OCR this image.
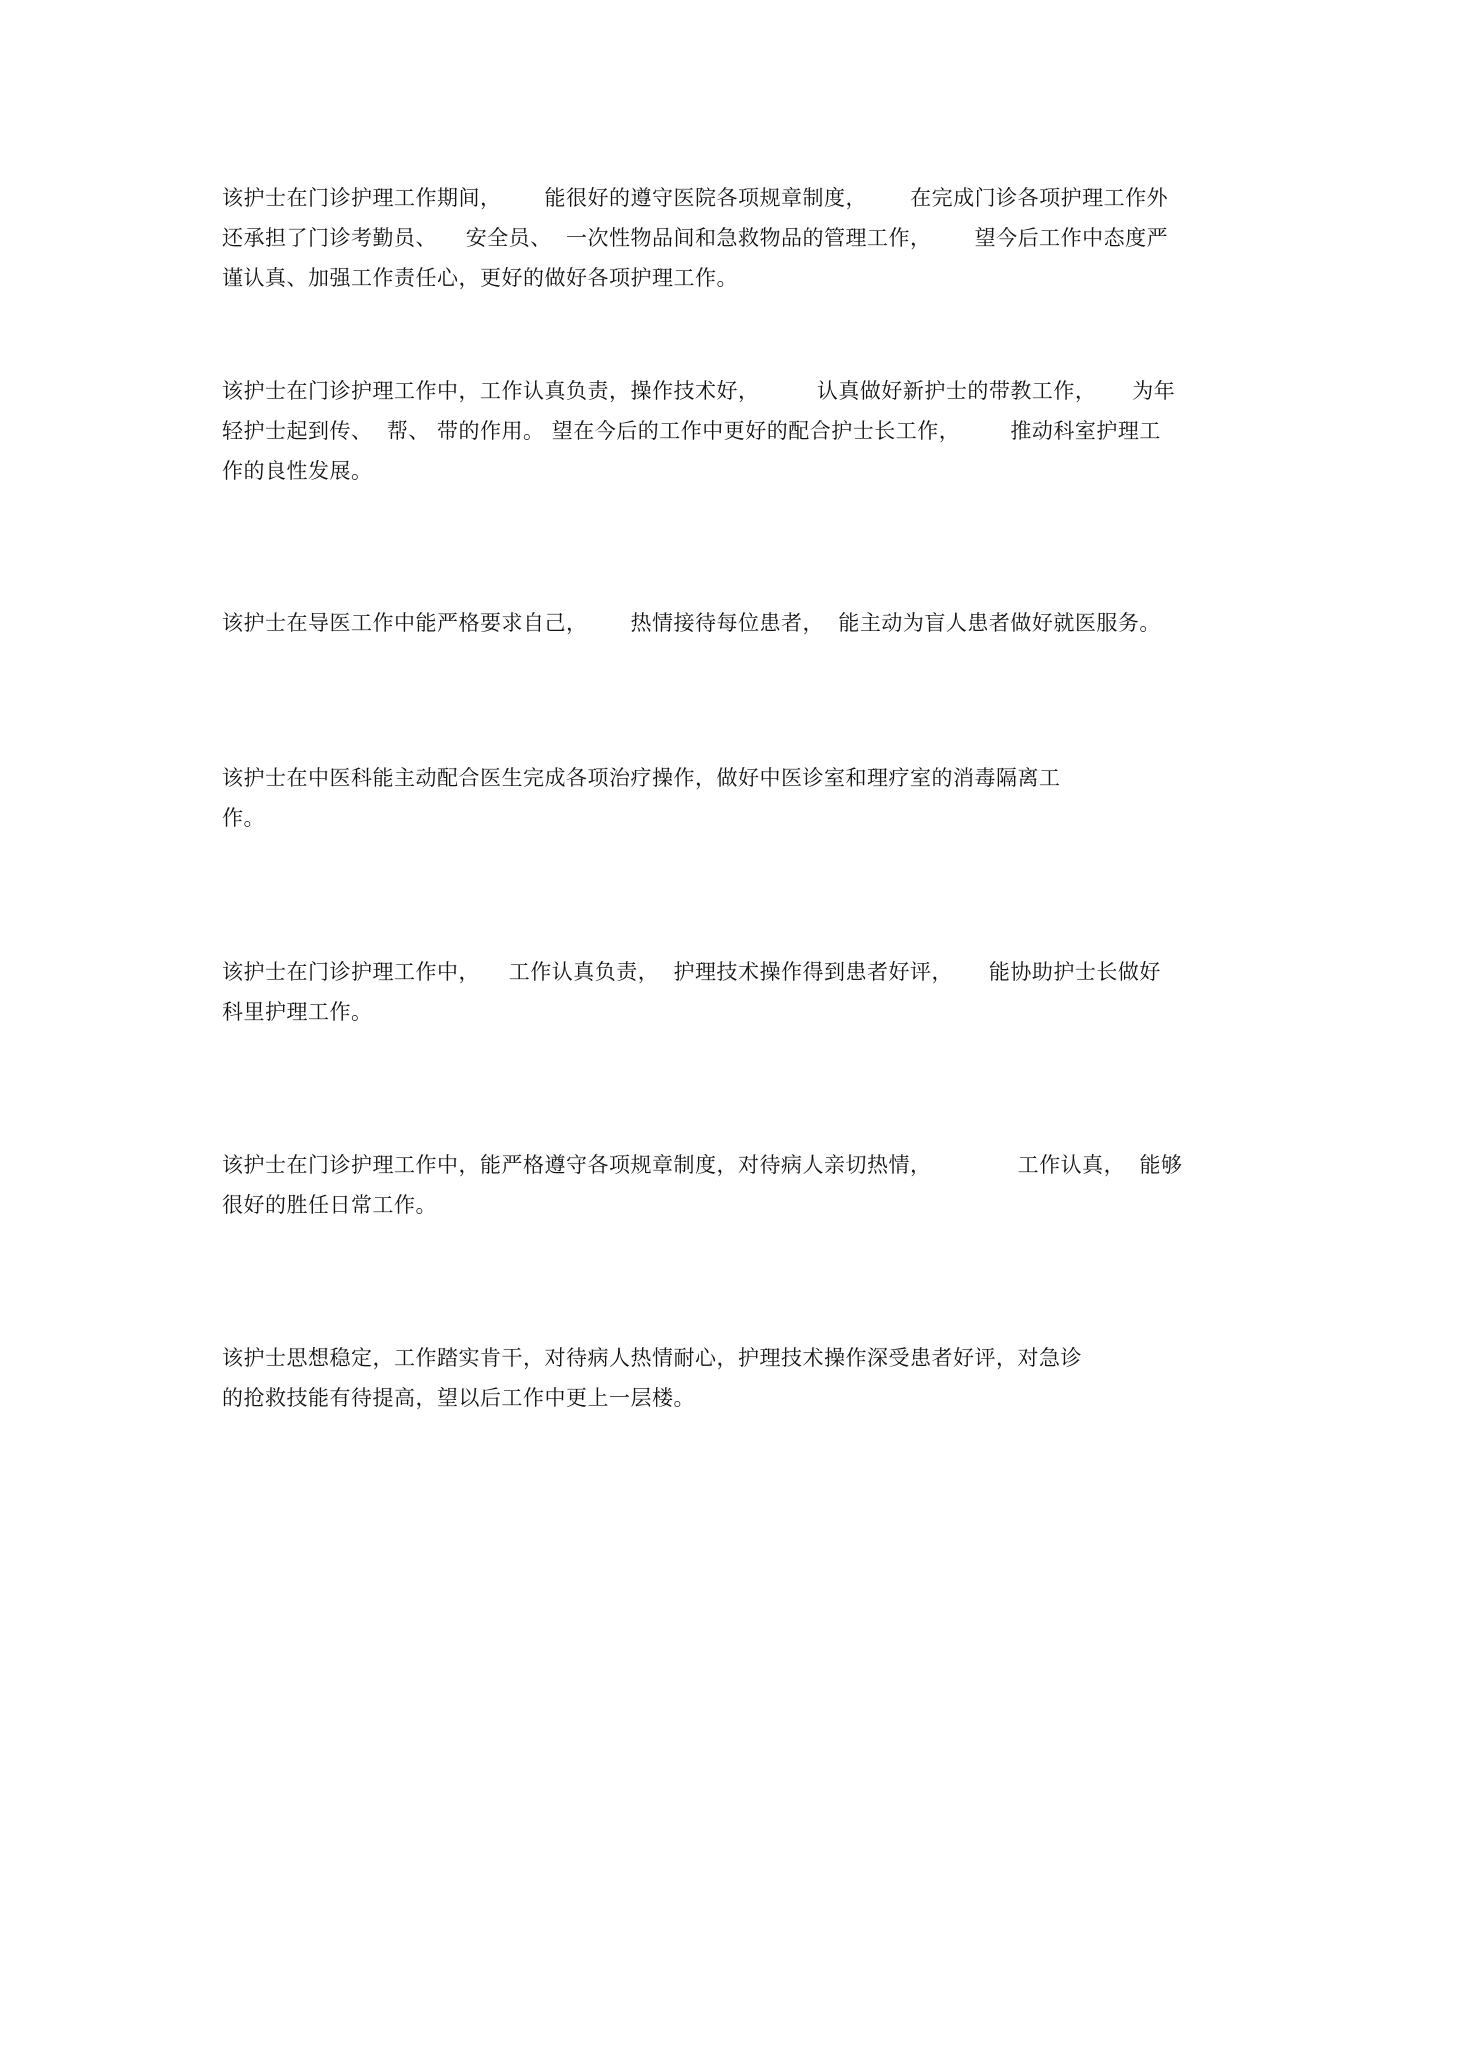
该护士在门诊护理工作期间，      能很好的遵守医院各项规章制度，      在完成门诊各项护理工作外
还承担了门诊考勤员、    安全员、  一次性物品间和急救物品的管理工作，      望今后工作中态度严
谨认真、加强工作责任心，更好的做好各项护理工作。
该护士在门诊护理工作中，工作认真负责，操作技术好，        认真做好新护士的带教工作，     为年
轻护士起到传、  帮、 带的作用。 望在今后的工作中更好的配合护士长工作，       推动科室护理工
作的良性发展。
该护士在导医工作中能严格要求自己，      热情接待每位患者，  能主动为盲人患者做好就医服务。
该护士在中医科能主动配合医生完成各项治疗操作，做好中医诊室和理疗室的消毒隔离工
作。
该护士在门诊护理工作中，    工作认真负责，  护理技术操作得到患者好评，     能协助护士长做好
科里护理工作。
该护士在门诊护理工作中，能严格遵守各项规章制度，对待病人亲切热情，            工作认真，  能够
很好的胜任日常工作。
该护士思想稳定，工作踏实肯干，对待病人热情耐心，护理技术操作深受患者好评，对急诊
的抢救技能有待提高，望以后工作中更上一层楼。
